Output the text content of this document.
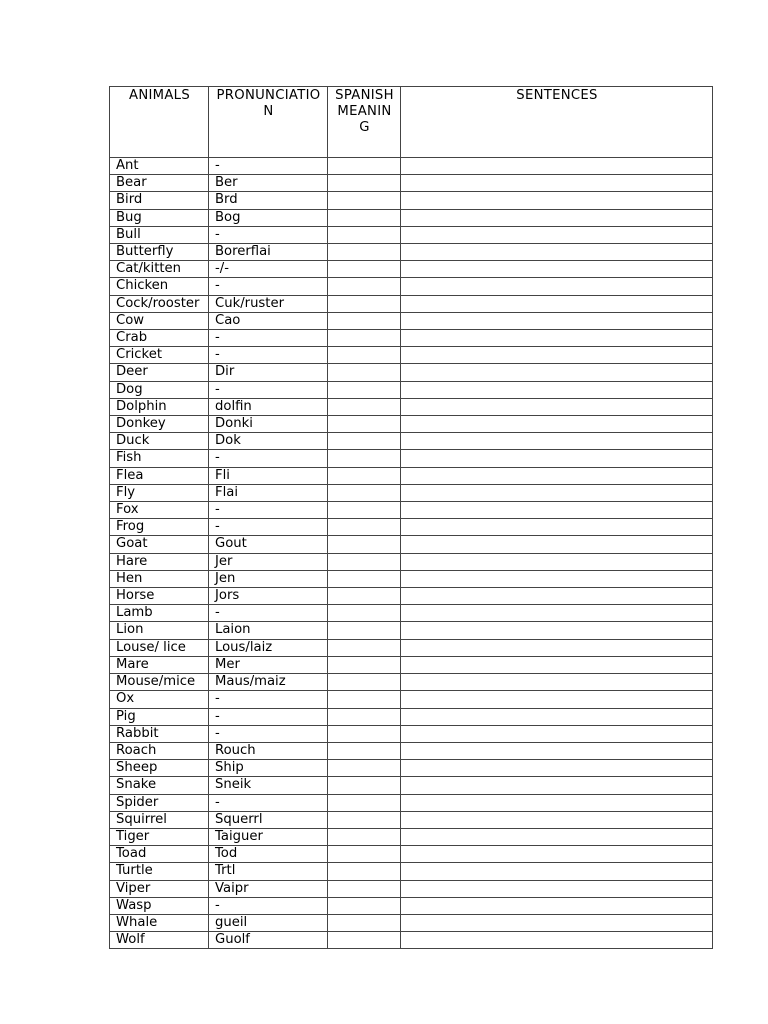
ANIMALS	PRONUNCIATION	SPANISH MEANING	SENTENCES
Ant	-		
Bear	Ber		
Bird	Brd		
Bug	Bog		
Bull	-		
Butterfly	Borerflai		
Cat/kitten	-/-		
Chicken	-		
Cock/rooster	Cuk/ruster		
Cow	Cao		
Crab	-		
Cricket	-		
Deer	Dir		
Dog	-		
Dolphin	dolfin		
Donkey	Donki		
Duck	Dok		
Fish	-		
Flea	Fli		
Fly	Flai		
Fox	-		
Frog	-		
Goat	Gout		
Hare	Jer		
Hen	Jen		
Horse	Jors		
Lamb	-		
Lion	Laion		
Louse/ lice	Lous/laiz		
Mare	Mer		
Mouse/mice	Maus/maiz		
Ox	-		
Pig	-		
Rabbit	-		
Roach	Rouch		
Sheep	Ship		
Snake	Sneik		
Spider	-		
Squirrel	Squerrl		
Tiger	Taiguer		
Toad	Tod		
Turtle	Trtl		
Viper	Vaipr		
Wasp	-		
Whale	gueil		
Wolf	Guolf		
